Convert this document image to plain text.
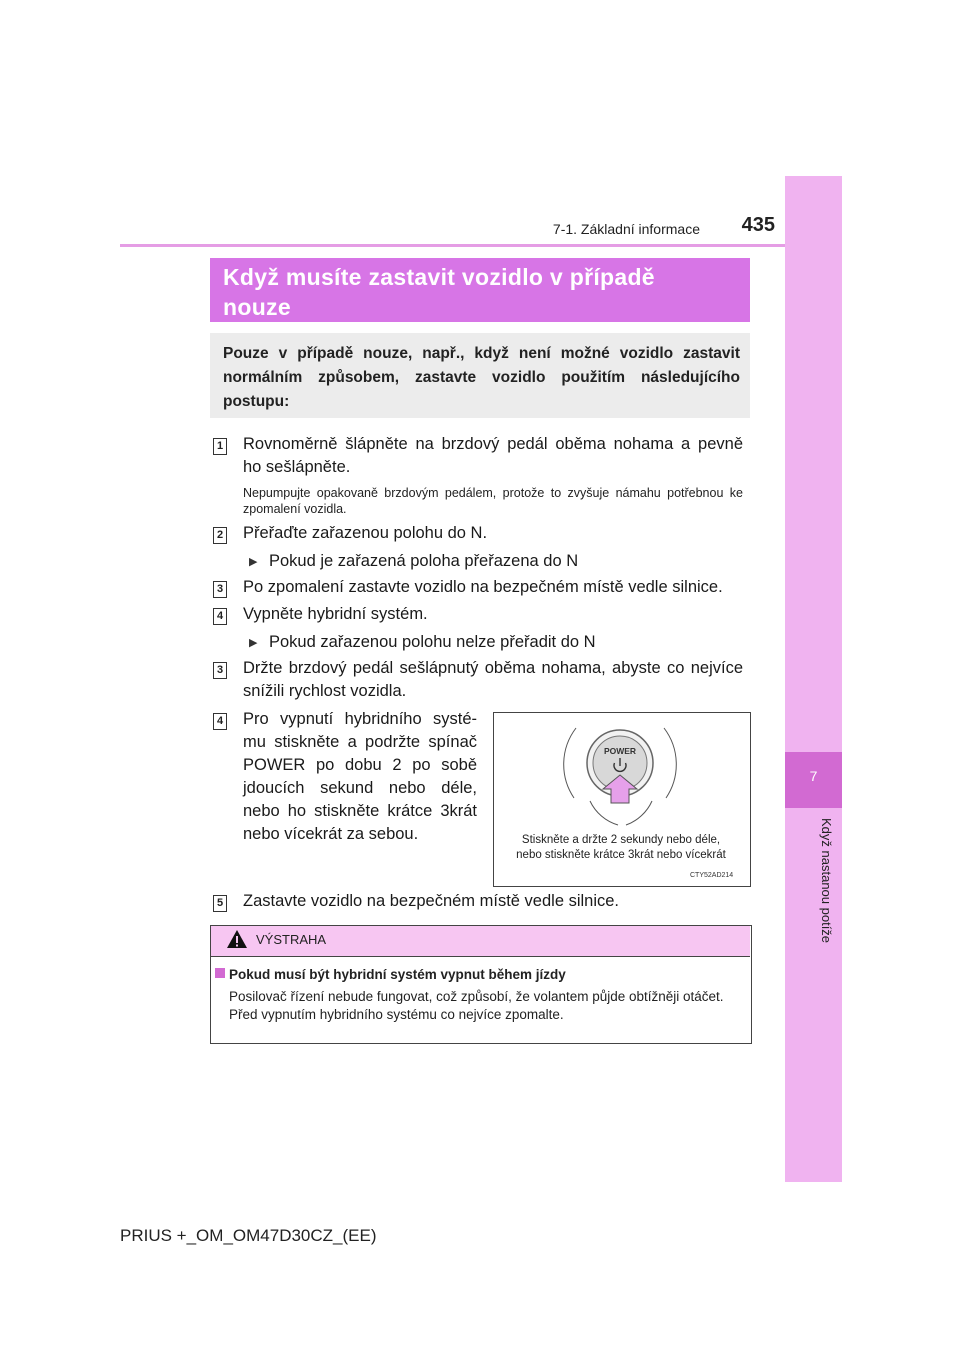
7
Když nastanou potíže
7-1. Základní informace	435
Když musíte zastavit vozidlo v případě
nouze
Pouze v případě nouze, např., když není možné vozidlo zastavit normálním způsobem, zastavte vozidlo použitím následujícího postupu:
1 Rovnoměrně šlápněte na brzdový pedál oběma nohama a pevně
ho sešlápněte.
Nepumpujte opakovaně brzdovým pedálem, protože to zvyšuje námahu potřebnou ke zpomalení vozidla.
2 Přeřaďte zařazenou polohu do N.
▶ Pokud je zařazená poloha přeřazena do N
3 Po zpomalení zastavte vozidlo na bezpečném místě vedle silnice.
4 Vypněte hybridní systém.
▶ Pokud zařazenou polohu nelze přeřadit do N
3 Držte brzdový pedál sešlápnutý oběma nohama, abyste co nejvíce
snížili rychlost vozidla.
4 Pro vypnutí hybridního systé-
mu stiskněte a podržte spínač
POWER po dobu 2 po sobě
jdoucích sekund nebo déle,
nebo ho stiskněte krátce 3krát
nebo vícekrát za sebou.
POWER
Stiskněte a držte 2 sekundy nebo déle,
nebo stiskněte krátce 3krát nebo vícekrát
CTY52AD214
5 Zastavte vozidlo na bezpečném místě vedle silnice.
VÝSTRAHA
Pokud musí být hybridní systém vypnut během jízdy
Posilovač řízení nebude fungovat, což způsobí, že volantem půjde obtížněji otáčet. Před vypnutím hybridního systému co nejvíce zpomalte.
PRIUS +_OM_OM47D30CZ_(EE)
